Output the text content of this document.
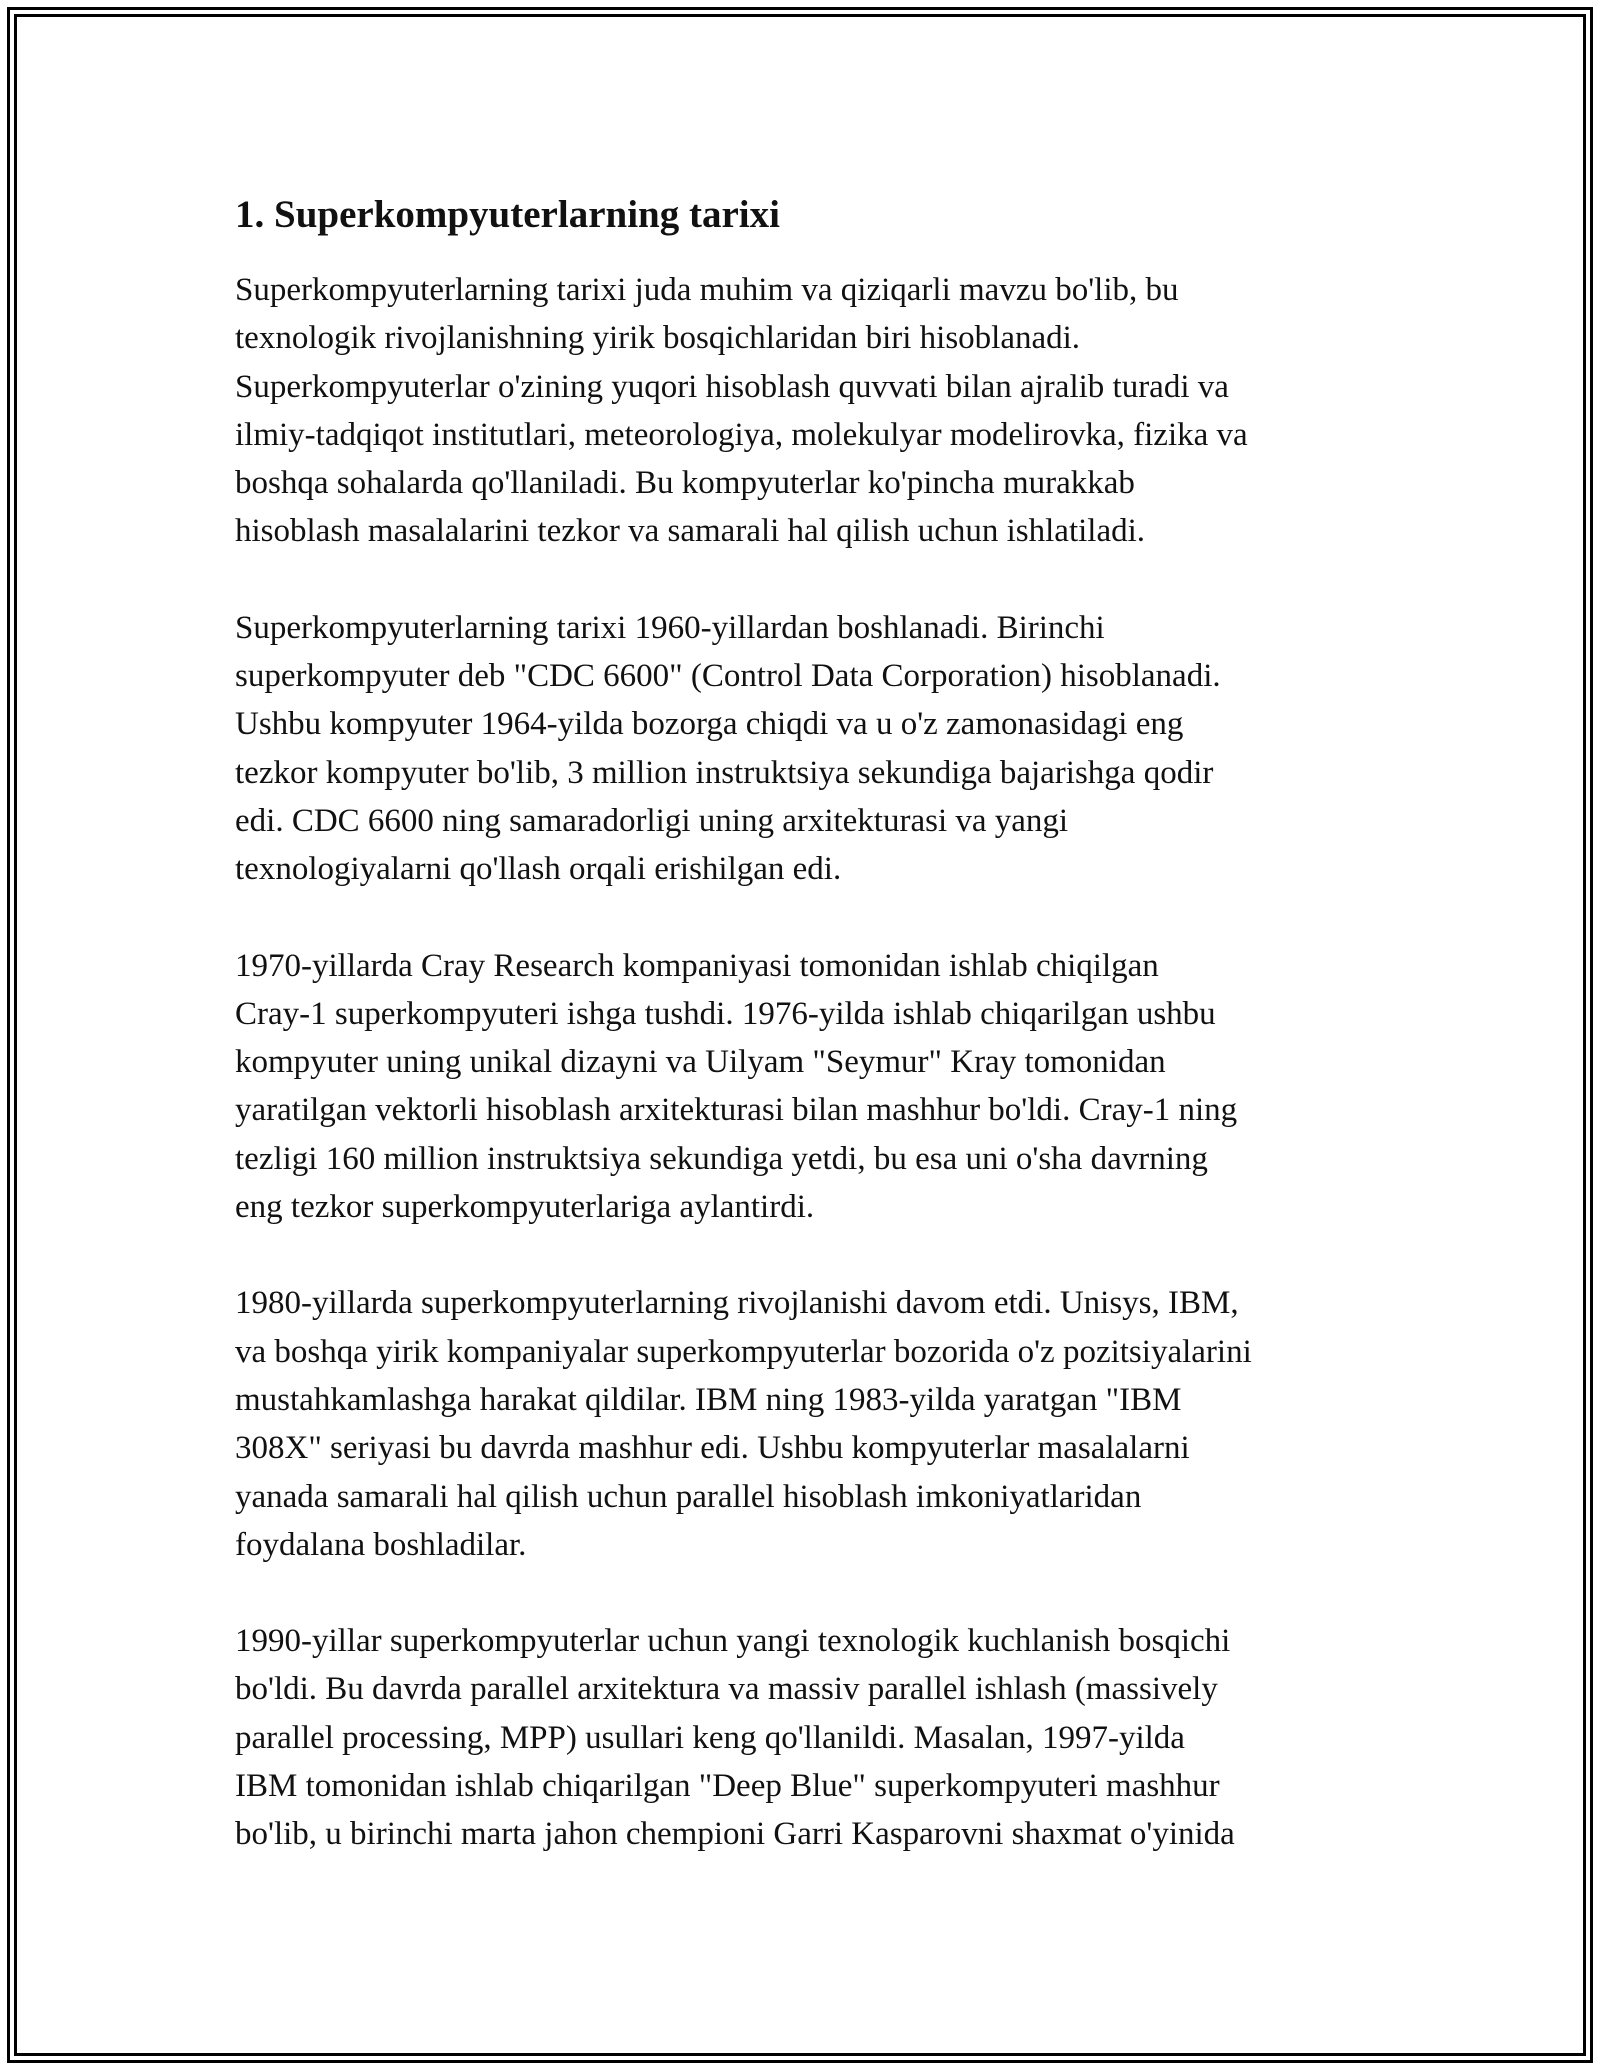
1. Superkompyuterlarning tarixi

Superkompyuterlarning tarixi juda muhim va qiziqarli mavzu bo'lib, bu
texnologik rivojlanishning yirik bosqichlaridan biri hisoblanadi.
Superkompyuterlar o'zining yuqori hisoblash quvvati bilan ajralib turadi va
ilmiy-tadqiqot institutlari, meteorologiya, molekulyar modelirovka, fizika va
boshqa sohalarda qo'llaniladi. Bu kompyuterlar ko'pincha murakkab
hisoblash masalalarini tezkor va samarali hal qilish uchun ishlatiladi.

Superkompyuterlarning tarixi 1960-yillardan boshlanadi. Birinchi
superkompyuter deb "CDC 6600" (Control Data Corporation) hisoblanadi.
Ushbu kompyuter 1964-yilda bozorga chiqdi va u o'z zamonasidagi eng
tezkor kompyuter bo'lib, 3 million instruktsiya sekundiga bajarishga qodir
edi. CDC 6600 ning samaradorligi uning arxitekturasi va yangi
texnologiyalarni qo'llash orqali erishilgan edi.

1970-yillarda Cray Research kompaniyasi tomonidan ishlab chiqilgan
Cray-1 superkompyuteri ishga tushdi. 1976-yilda ishlab chiqarilgan ushbu
kompyuter uning unikal dizayni va Uilyam "Seymur" Kray tomonidan
yaratilgan vektorli hisoblash arxitekturasi bilan mashhur bo'ldi. Cray-1 ning
tezligi 160 million instruktsiya sekundiga yetdi, bu esa uni o'sha davrning
eng tezkor superkompyuterlariga aylantirdi.

1980-yillarda superkompyuterlarning rivojlanishi davom etdi. Unisys, IBM,
va boshqa yirik kompaniyalar superkompyuterlar bozorida o'z pozitsiyalarini
mustahkamlashga harakat qildilar. IBM ning 1983-yilda yaratgan "IBM
308X" seriyasi bu davrda mashhur edi. Ushbu kompyuterlar masalalarni
yanada samarali hal qilish uchun parallel hisoblash imkoniyatlaridan
foydalana boshladilar.

1990-yillar superkompyuterlar uchun yangi texnologik kuchlanish bosqichi
bo'ldi. Bu davrda parallel arxitektura va massiv parallel ishlash (massively
parallel processing, MPP) usullari keng qo'llanildi. Masalan, 1997-yilda
IBM tomonidan ishlab chiqarilgan "Deep Blue" superkompyuteri mashhur
bo'lib, u birinchi marta jahon chempioni Garri Kasparovni shaxmat o'yinida
